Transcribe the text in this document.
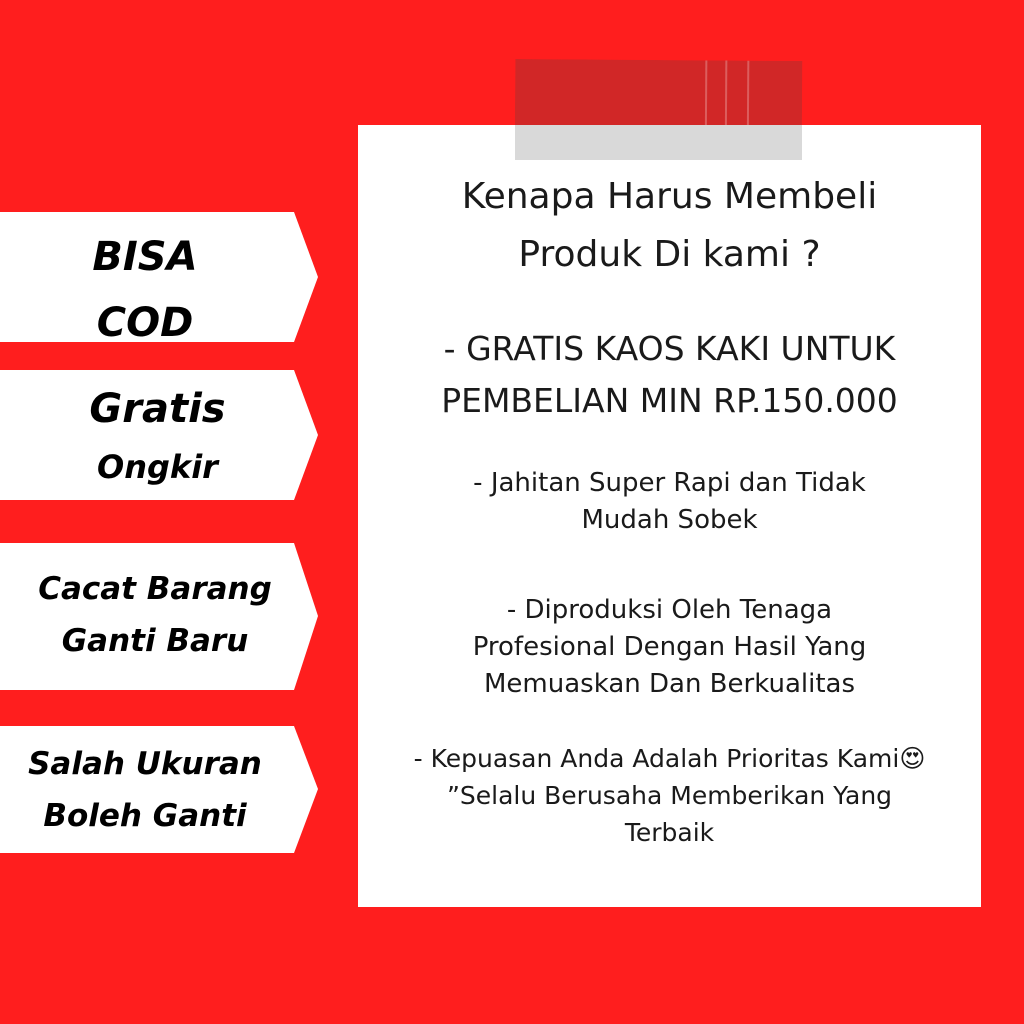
Kenapa Harus Membeli
Produk Di kami ?

- GRATIS KAOS KAKI UNTUK
PEMBELIAN MIN RP.150.000

- Jahitan Super Rapi dan Tidak
Mudah Sobek

- Diproduksi Oleh Tenaga
Profesional Dengan Hasil Yang
Memuaskan Dan Berkualitas

- Kepuasan Anda Adalah Prioritas Kami😍
”Selalu Berusaha Memberikan Yang
Terbaik

BISA
COD
Gratis
Ongkir
Cacat Barang
Ganti Baru
Salah Ukuran
Boleh Ganti
